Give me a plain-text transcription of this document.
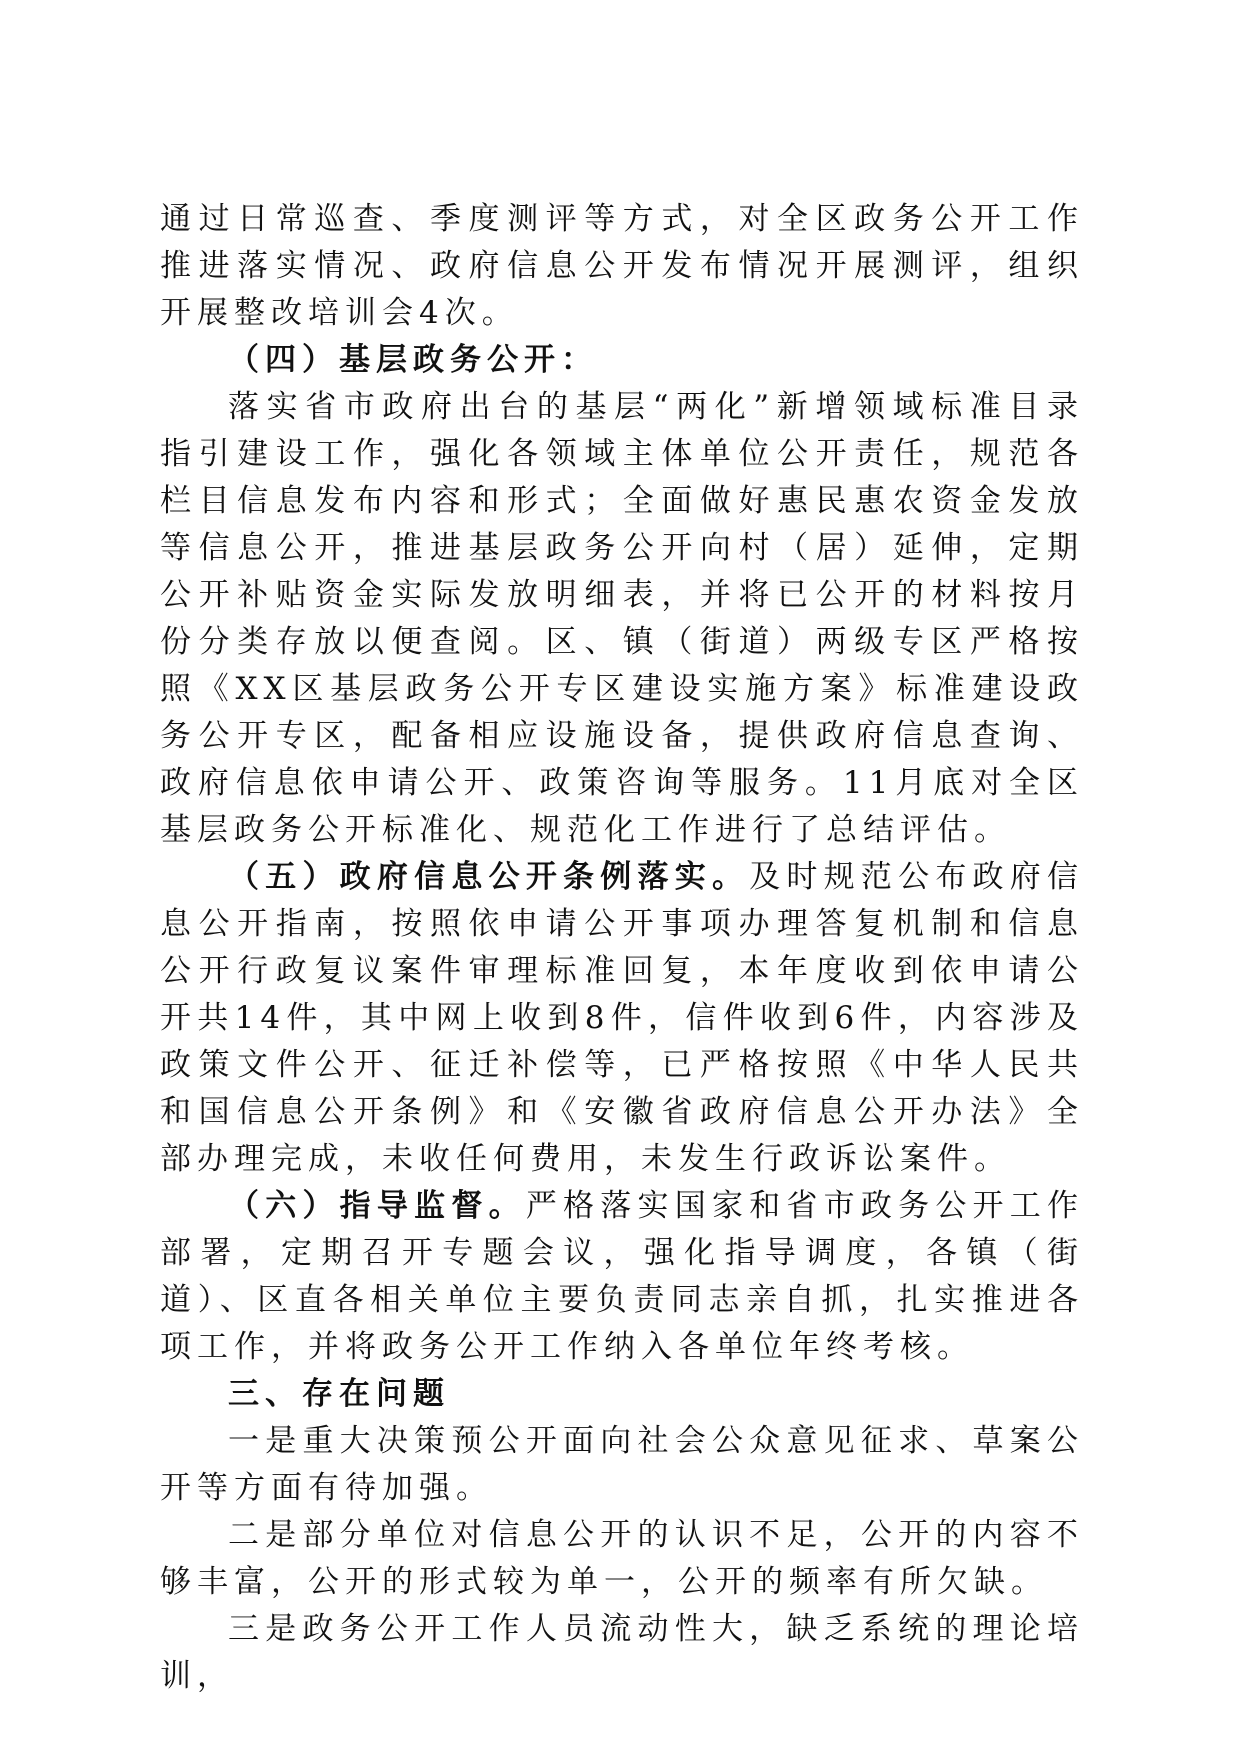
通过日常巡查、季度测评等方式，对全区政务公开工作推进落实情况、政府信息公开发布情况开展测评，组织开展整改培训会4次。

（四）基层政务公开：

落实省市政府出台的基层“两化”新增领域标准目录指引建设工作，强化各领域主体单位公开责任，规范各栏目信息发布内容和形式；全面做好惠民惠农资金发放等信息公开，推进基层政务公开向村（居）延伸，定期公开补贴资金实际发放明细表，并将已公开的材料按月份分类存放以便查阅。区、镇（街道）两级专区严格按照《XX区基层政务公开专区建设实施方案》标准建设政务公开专区，配备相应设施设备，提供政府信息查询、政府信息依申请公开、政策咨询等服务。11月底对全区基层政务公开标准化、规范化工作进行了总结评估。

（五）政府信息公开条例落实。及时规范公布政府信息公开指南，按照依申请公开事项办理答复机制和信息公开行政复议案件审理标准回复，本年度收到依申请公开共14件，其中网上收到8件，信件收到6件，内容涉及政策文件公开、征迁补偿等，已严格按照《中华人民共和国信息公开条例》和《安徽省政府信息公开办法》全部办理完成，未收任何费用，未发生行政诉讼案件。

（六）指导监督。严格落实国家和省市政务公开工作部署，定期召开专题会议，强化指导调度，各镇（街道）、区直各相关单位主要负责同志亲自抓，扎实推进各项工作，并将政务公开工作纳入各单位年终考核。

三、存在问题

一是重大决策预公开面向社会公众意见征求、草案公开等方面有待加强。

二是部分单位对信息公开的认识不足，公开的内容不够丰富，公开的形式较为单一，公开的频率有所欠缺。

三是政务公开工作人员流动性大，缺乏系统的理论培训，
